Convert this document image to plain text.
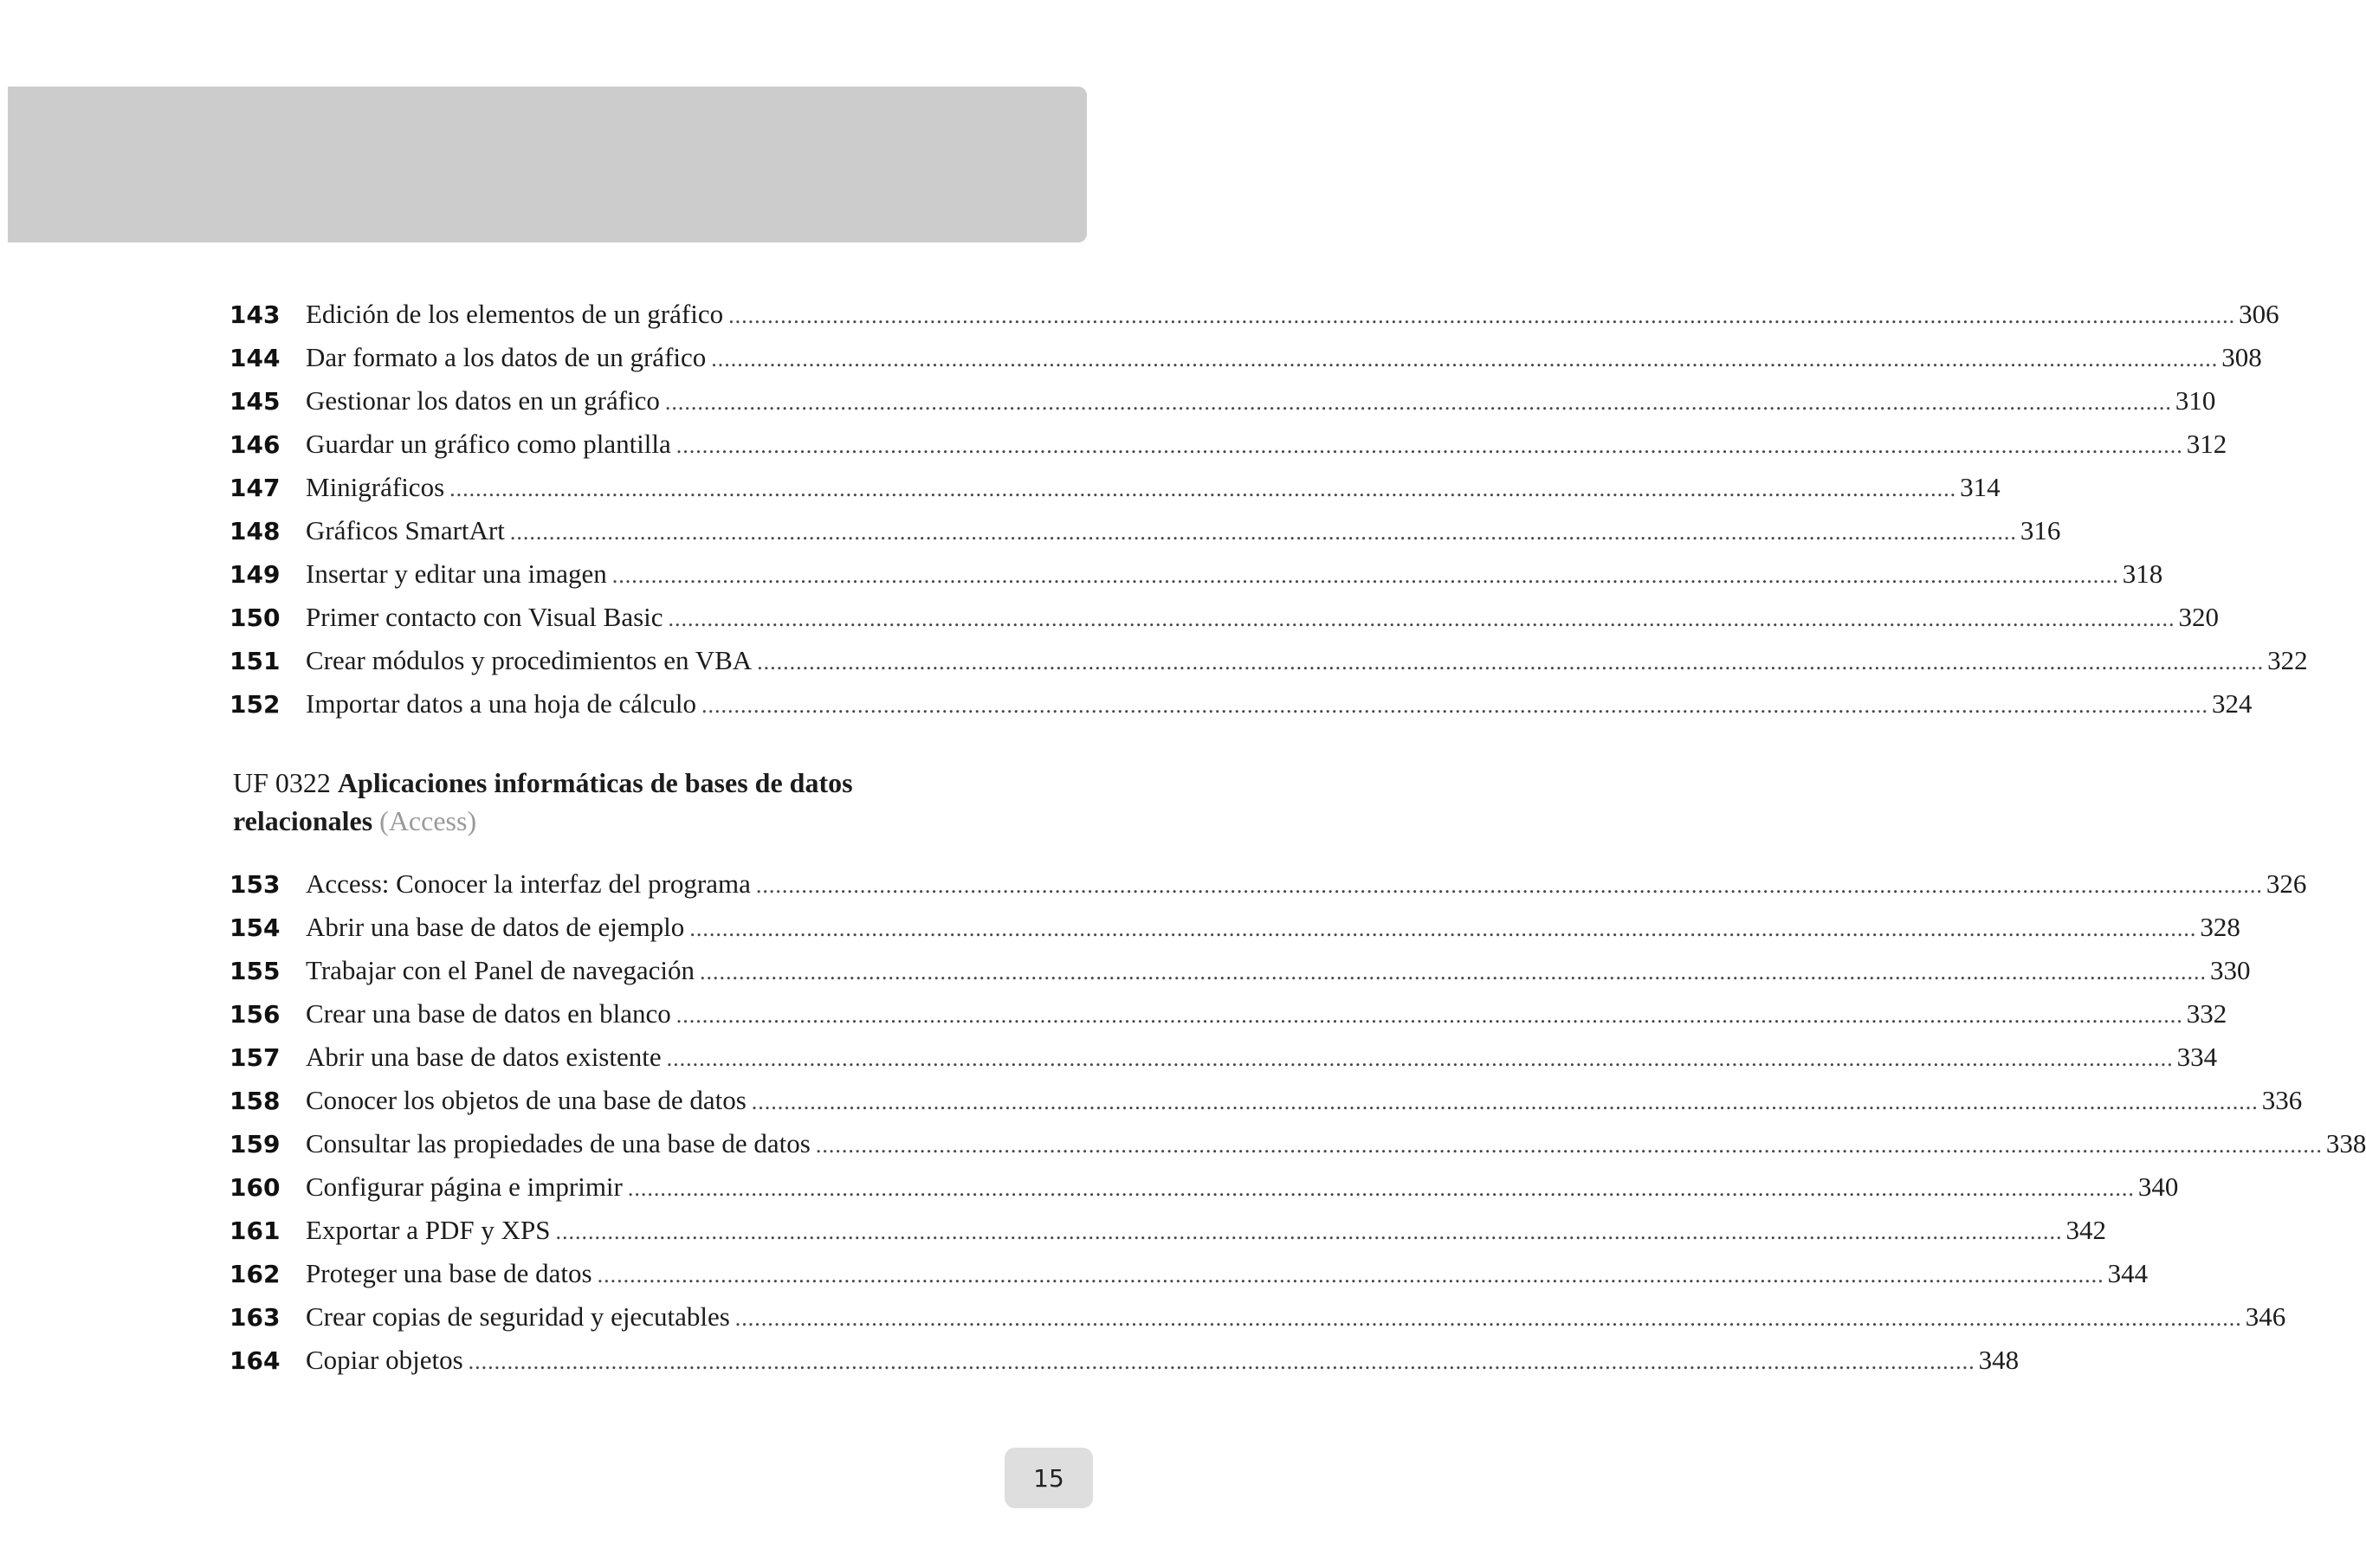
143 Edición de los elementos de un gráfico .....	306
144 Dar formato a los datos de un gráfico .....	308
145 Gestionar los datos en un gráfico .....	310
146 Guardar un gráfico como plantilla .....	312
147 Minigráficos .....	314
148 Gráficos SmartArt .....	316
149 Insertar y editar una imagen .....	318
150 Primer contacto con Visual Basic .....	320
151 Crear módulos y procedimientos en VBA .....	322
152 Importar datos a una hoja de cálculo .....	324
UF 0322 Aplicaciones informáticas de bases de datos relacionales (Access)
153 Access: Conocer la interfaz del programa .....	326
154 Abrir una base de datos de ejemplo .....	328
155 Trabajar con el Panel de navegación .....	330
156 Crear una base de datos en blanco .....	332
157 Abrir una base de datos existente .....	334
158 Conocer los objetos de una base de datos .....	336
159 Consultar las propiedades de una base de datos .....	338
160 Configurar página e imprimir .....	340
161 Exportar a PDF y XPS .....	342
162 Proteger una base de datos .....	344
163 Crear copias de seguridad y ejecutables .....	346
164 Copiar objetos .....	348
15
